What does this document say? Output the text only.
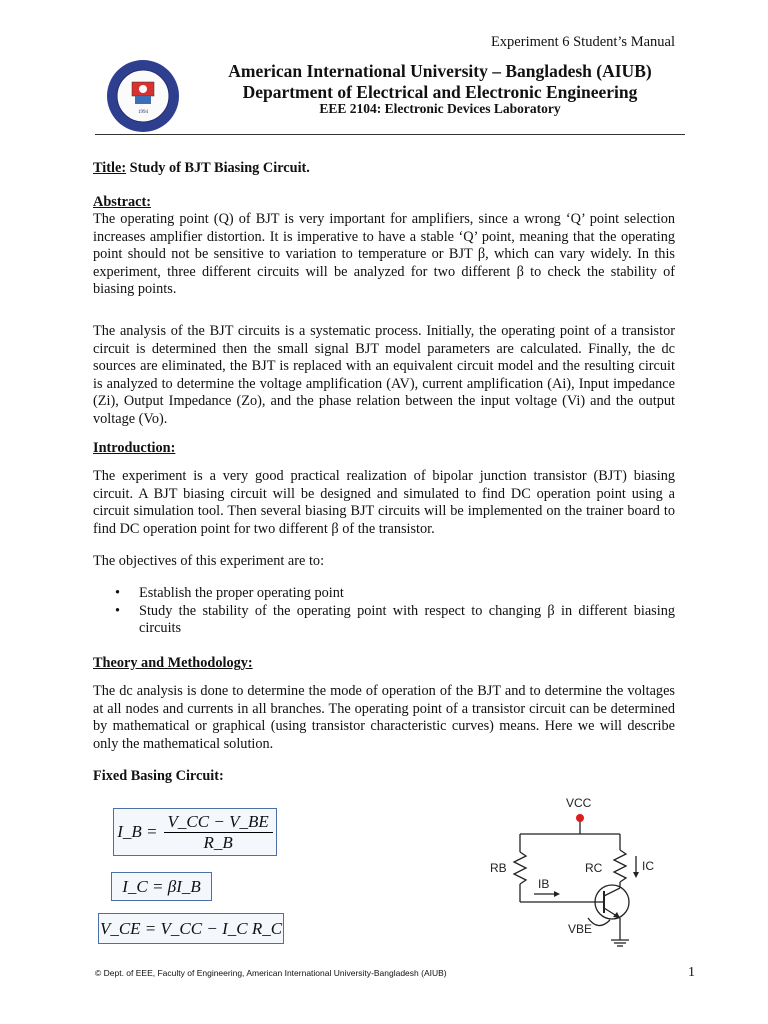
Experiment 6 Student’s Manual
1994
American International University – Bangladesh (AIUB)
Department of Electrical and Electronic Engineering
EEE 2104: Electronic Devices Laboratory
Title: Study of BJT Biasing Circuit.
Abstract:
The operating point (Q) of BJT is very important for amplifiers, since a wrong ‘Q’ point selection increases amplifier distortion. It is imperative to have a stable ‘Q’ point, meaning that the operating point should not be sensitive to variation to temperature or BJT β, which can vary widely. In this experiment, three different circuits will be analyzed for two different β to check the stability of biasing points.
The analysis of the BJT circuits is a systematic process. Initially, the operating point of a transistor circuit is determined then the small signal BJT model parameters are calculated. Finally, the dc sources are eliminated, the BJT is replaced with an equivalent circuit model and the resulting circuit is analyzed to determine the voltage amplification (AV), current amplification (Ai), Input impedance (Zi), Output Impedance (Zo), and the phase relation between the input voltage (Vi) and the output voltage (Vo).
Introduction:
The experiment is a very good practical realization of bipolar junction transistor (BJT) biasing circuit. A BJT biasing circuit will be designed and simulated to find DC operation point using a circuit simulation tool. Then several biasing BJT circuits will be implemented on the trainer board to find DC operation point for two different β of the transistor.
The objectives of this experiment are to:
•	Establish the proper operating point
•	Study the stability of the operating point with respect to changing β in different biasing circuits
Theory and Methodology:
The dc analysis is done to determine the mode of operation of the BJT and to determine the voltages at all nodes and currents in all branches. The operating point of a transistor circuit can be determined by mathematical or graphical (using transistor characteristic curves) means. Here we will describe only the mathematical solution.
Fixed Basing Circuit:
I_B = $\frac{V\_CC - V\_BE}{R\_B}$
I_C = βI_B
V_CE = V_CC − I_C R_C
VCC
RB	RC	IC
IB
VBE
© Dept. of EEE, Faculty of Engineering, American International University-Bangladesh (AIUB)	1
